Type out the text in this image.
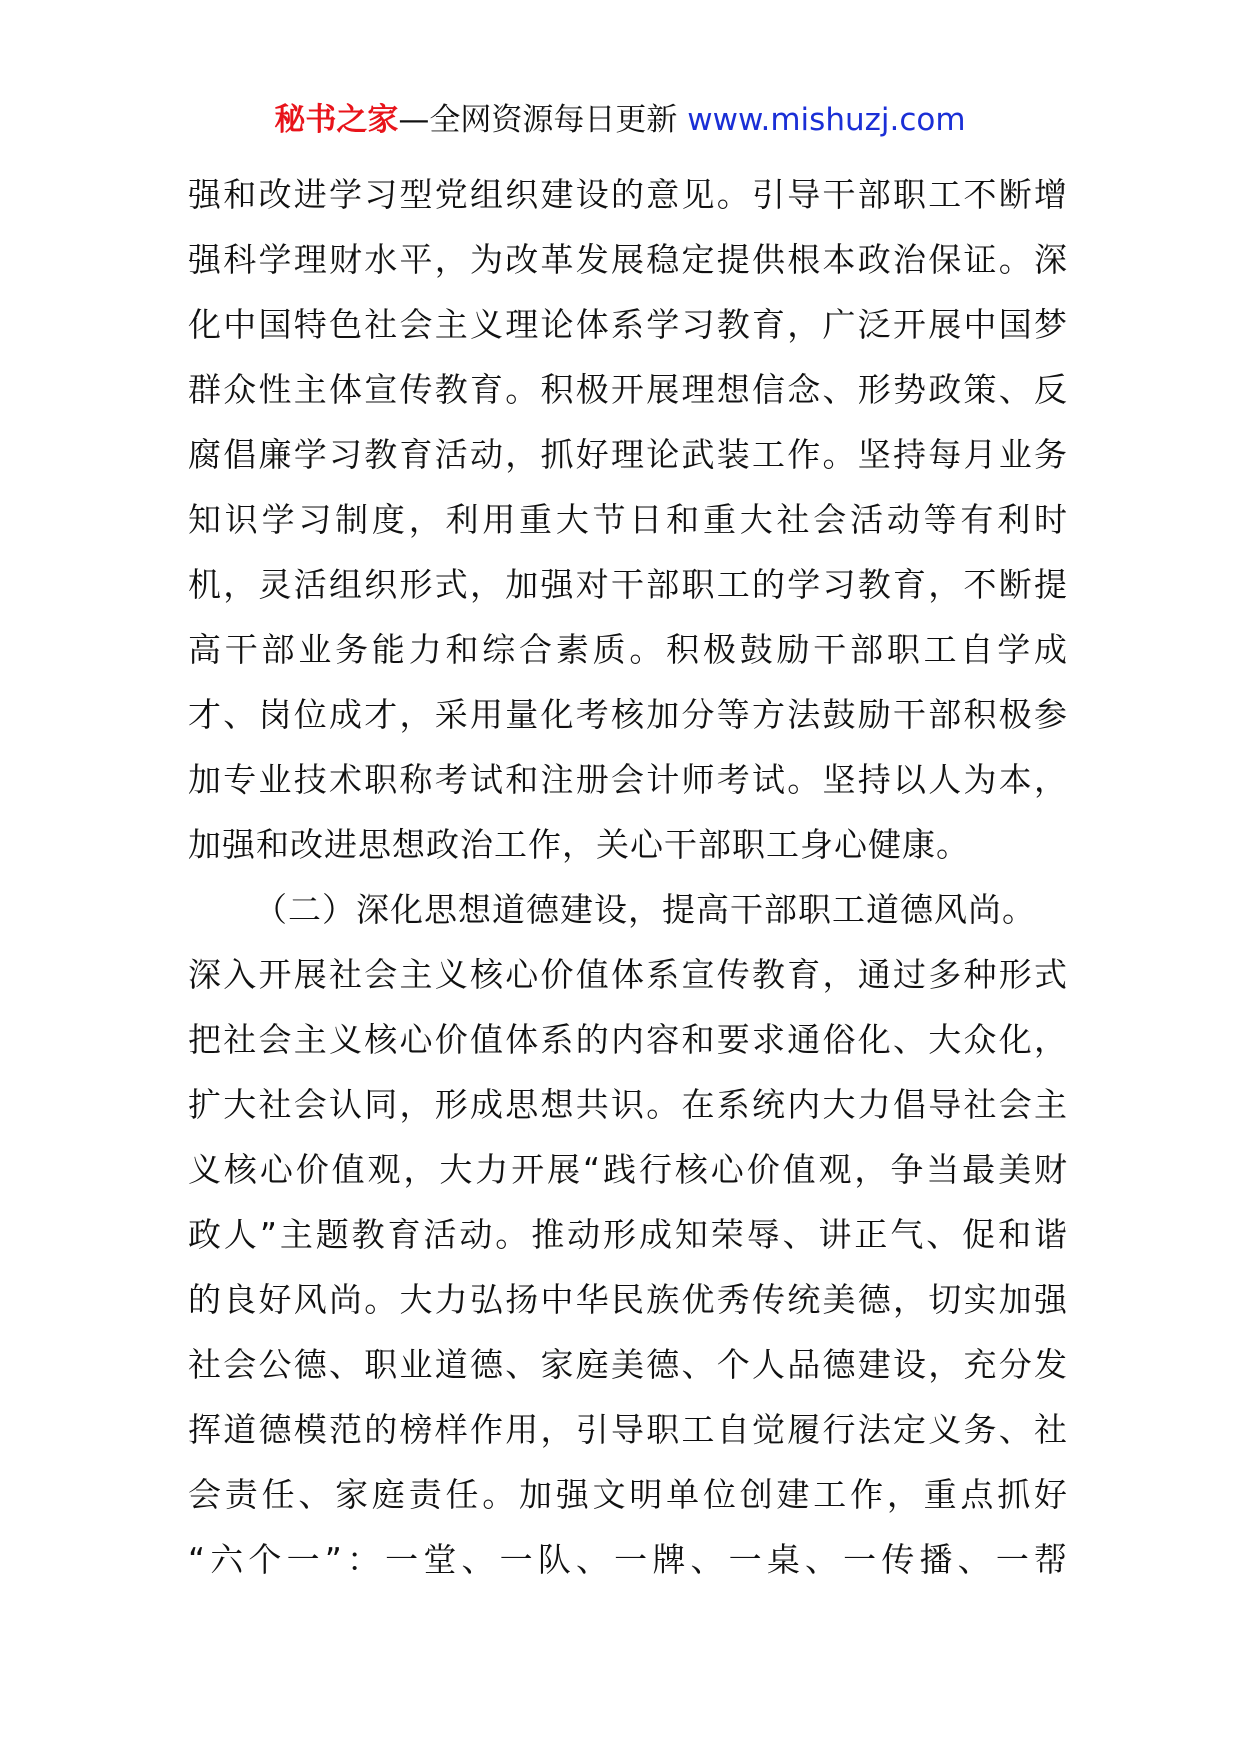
秘书之家—全网资源每日更新 www.mishuzj.com
强和改进学习型党组织建设的意见。引导干部职工不断增
强科学理财水平，为改革发展稳定提供根本政治保证。深
化中国特色社会主义理论体系学习教育，广泛开展中国梦
群众性主体宣传教育。积极开展理想信念、形势政策、反
腐倡廉学习教育活动，抓好理论武装工作。坚持每月业务
知识学习制度，利用重大节日和重大社会活动等有利时
机，灵活组织形式，加强对干部职工的学习教育，不断提
高干部业务能力和综合素质。积极鼓励干部职工自学成
才、岗位成才，采用量化考核加分等方法鼓励干部积极参
加专业技术职称考试和注册会计师考试。坚持以人为本，
加强和改进思想政治工作，关心干部职工身心健康。
（二）深化思想道德建设，提高干部职工道德风尚。
深入开展社会主义核心价值体系宣传教育，通过多种形式
把社会主义核心价值体系的内容和要求通俗化、大众化，
扩大社会认同，形成思想共识。在系统内大力倡导社会主
义核心价值观，大力开展“践行核心价值观，争当最美财
政人”主题教育活动。推动形成知荣辱、讲正气、促和谐
的良好风尚。大力弘扬中华民族优秀传统美德，切实加强
社会公德、职业道德、家庭美德、个人品德建设，充分发
挥道德模范的榜样作用，引导职工自觉履行法定义务、社
会责任、家庭责任。加强文明单位创建工作，重点抓好
“六个一”：一堂、一队、一牌、一桌、一传播、一帮
